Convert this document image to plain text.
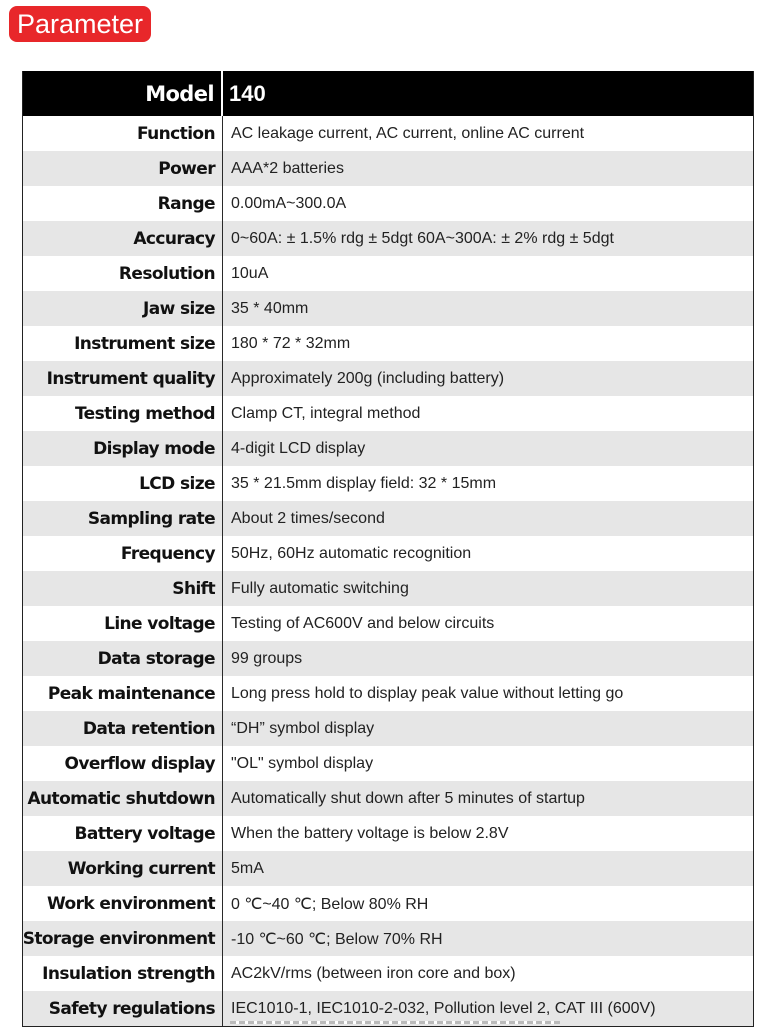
Parameter
Model 140
Function	AC leakage current, AC current, online AC current
Power	AAA*2 batteries
Range	0.00mA~300.0A
Accuracy	0~60A: ± 1.5% rdg ± 5dgt 60A~300A: ± 2% rdg ± 5dgt
Resolution	10uA
Jaw size	35 * 40mm
Instrument size	180 * 72 * 32mm
Instrument quality	Approximately 200g (including battery)
Testing method	Clamp CT, integral method
Display mode	4-digit LCD display
LCD size	35 * 21.5mm display field: 32 * 15mm
Sampling rate	About 2 times/second
Frequency	50Hz, 60Hz automatic recognition
Shift	Fully automatic switching
Line voltage	Testing of AC600V and below circuits
Data storage	99 groups
Peak maintenance	Long press hold to display peak value without letting go
Data retention	“DH” symbol display
Overflow display	"OL" symbol display
Automatic shutdown	Automatically shut down after 5 minutes of startup
Battery voltage	When the battery voltage is below 2.8V
Working current	5mA
Work environment	0 ℃~40 ℃; Below 80% RH
Storage environment	-10 ℃~60 ℃; Below 70% RH
Insulation strength	AC2kV/rms (between iron core and box)
Safety regulations	IEC1010-1, IEC1010-2-032, Pollution level 2, CAT III (600V)
